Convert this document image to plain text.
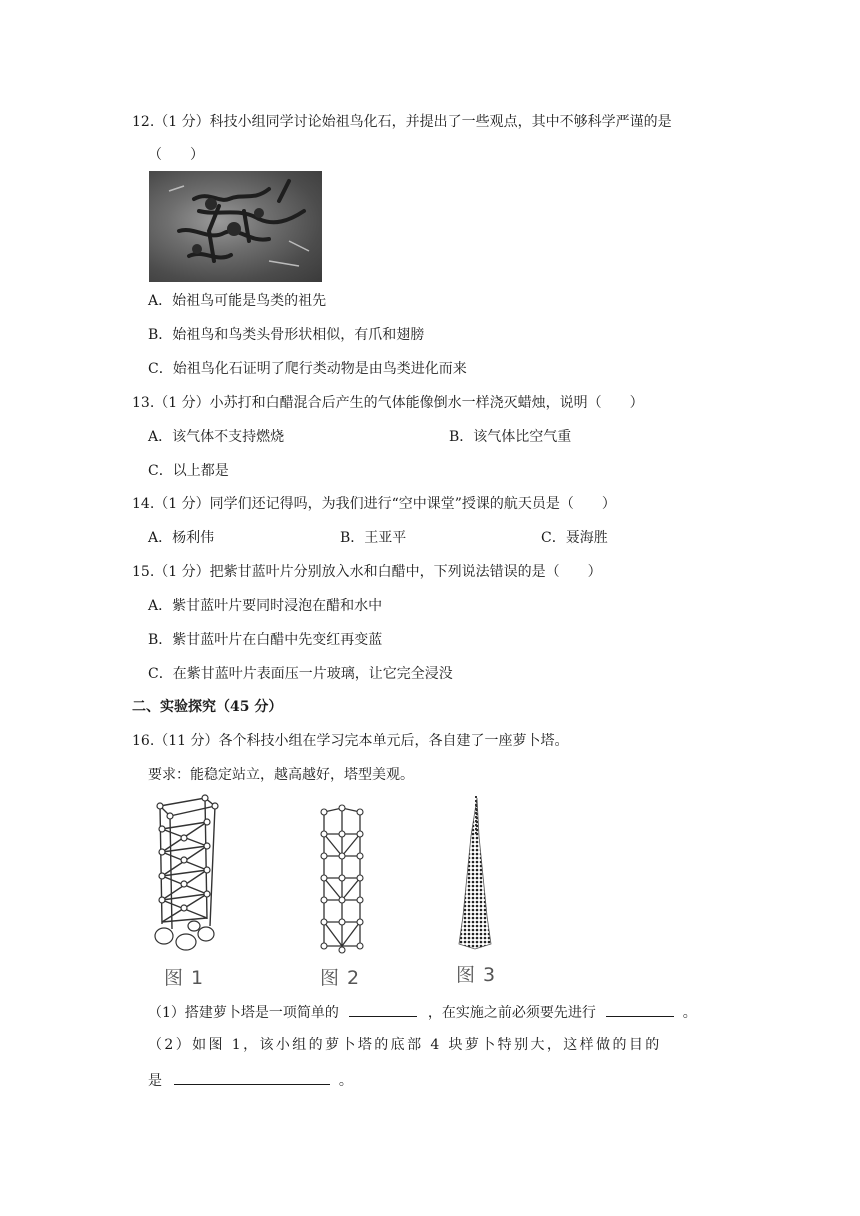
12.（1 分）科技小组同学讨论始祖鸟化石，并提出了一些观点，其中不够科学严谨的是
（　　）
A．始祖鸟可能是鸟类的祖先
B．始祖鸟和鸟类头骨形状相似，有爪和翅膀
C．始祖鸟化石证明了爬行类动物是由鸟类进化而来
13.（1 分）小苏打和白醋混合后产生的气体能像倒水一样浇灭蜡烛，说明（　　）
A．该气体不支持燃烧	B．该气体比空气重
C．以上都是
14.（1 分）同学们还记得吗，为我们进行“空中课堂”授课的航天员是（　　）
A．杨利伟	B．王亚平	C．聂海胜
15.（1 分）把紫甘蓝叶片分别放入水和白醋中，下列说法错误的是（　　）
A．紫甘蓝叶片要同时浸泡在醋和水中
B．紫甘蓝叶片在白醋中先变红再变蓝
C．在紫甘蓝叶片表面压一片玻璃，让它完全浸没
二、实验探究（45 分）
16.（11 分）各个科技小组在学习完本单元后，各自建了一座萝卜塔。
要求：能稳定站立，越高越好，塔型美观。
图 1	图 2	图 3
（1）搭建萝卜塔是一项简单的	，在实施之前必须要先进行	。
（2）如图 1，该小组的萝卜塔的底部 4 块萝卜特别大，这样做的目的
是	。
